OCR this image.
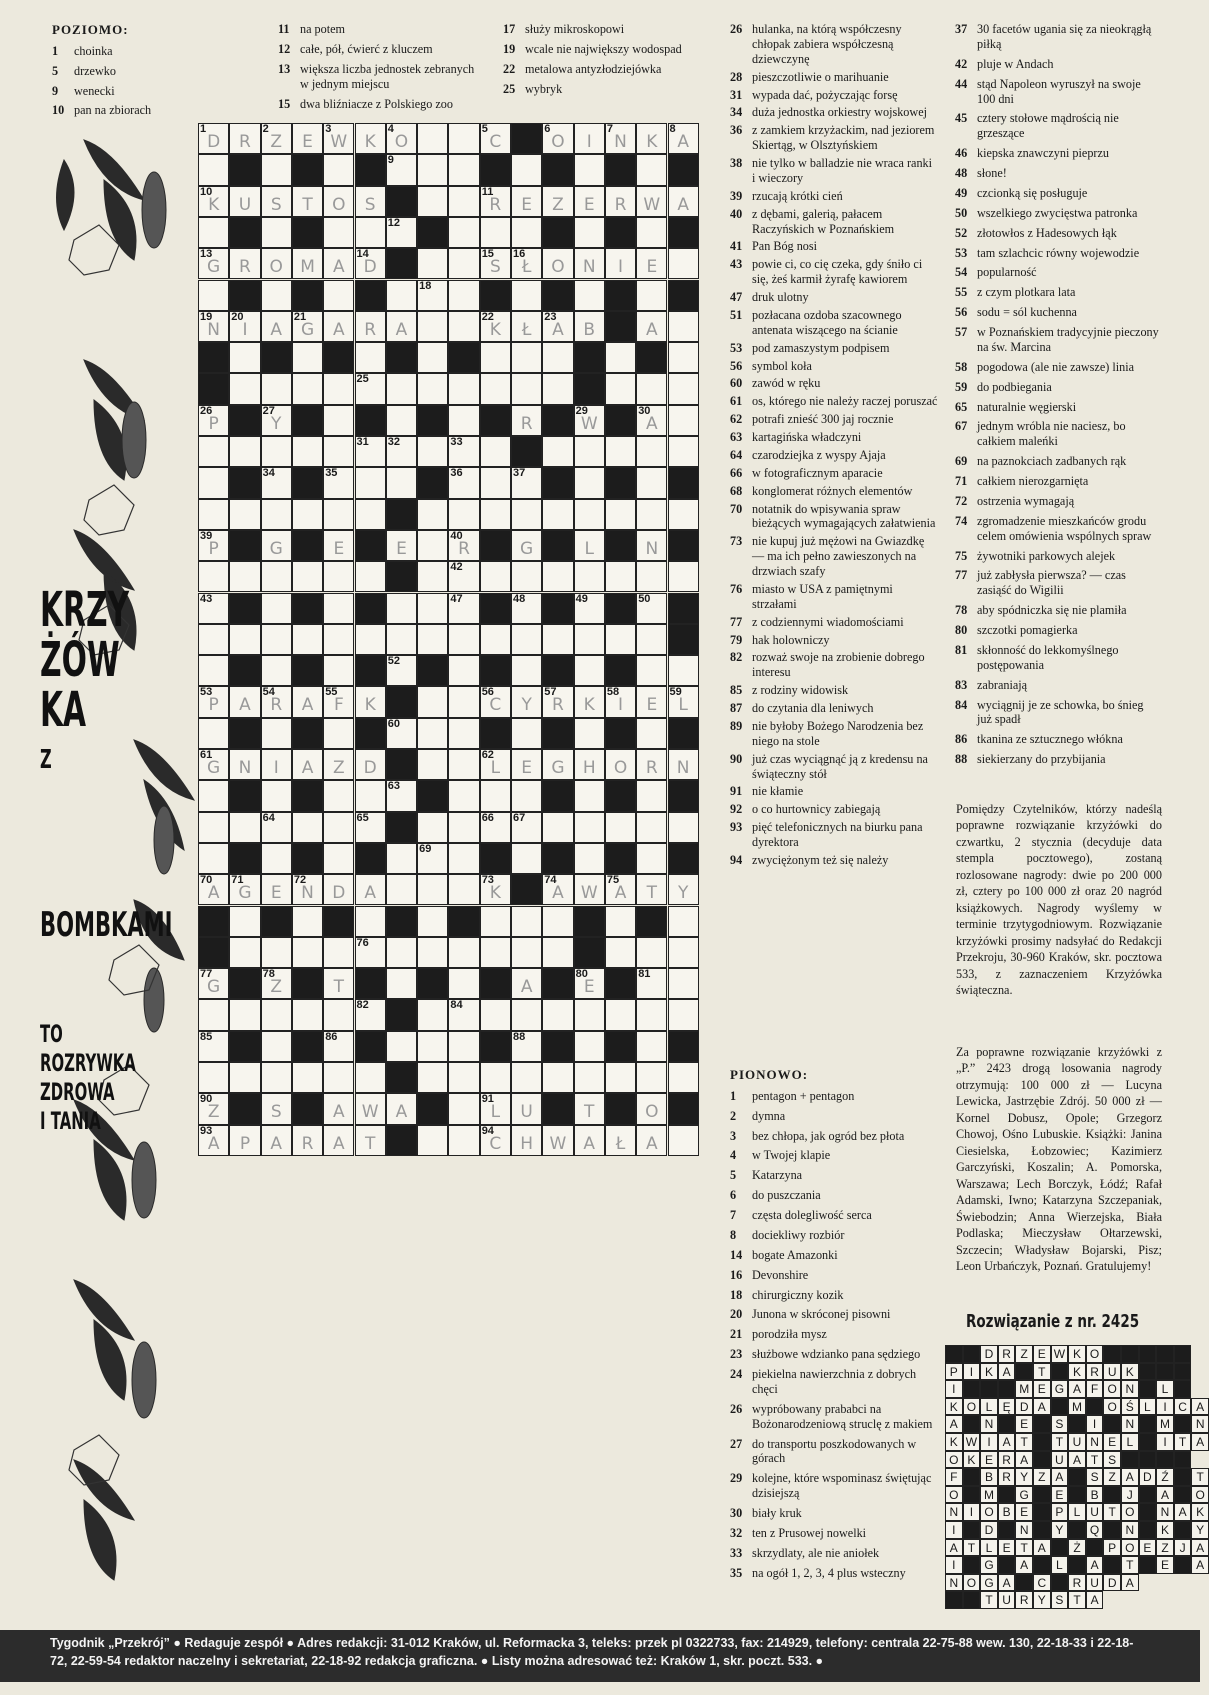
POZIOMO:
1	choinka
5	drzewko
9	wenecki
10 pan na zbiorach
11 na potem
12 całe, pół, ćwierć z kluczem
13 większa liczba jednostek zebranych w jednym miejscu
15 dwa bliźniacze z Polskiego zoo
17 służy mikroskopowi
19 wcale nie największy wodospad
22 metalowa antyzłodziejówka
25 wybryk
26 hulanka, na którą współczesny chłopak zabiera współczesną dziewczynę
28 pieszczotliwie o marihuanie
31 wypada dać, pożyczając forsę
34 duża jednostka orkiestry wojskowej
36 z zamkiem krzyżackim, nad jeziorem Skiertąg, w Olsztyńskiem
38 nie tylko w balladzie nie wraca ranki i wieczory
39 rzucają krótki cień
40 z dębami, galerią, pałacem Raczyńskich w Poznańskiem
41 Pan Bóg nosi
43 powie ci, co cię czeka, gdy śniło ci się, żeś karmił żyrafę kawiorem
47 druk ulotny
51 pozłacana ozdoba szacownego antenata wiszącego na ścianie
53 pod zamaszystym podpisem
56 symbol koła
60 zawód w ręku
61 os, którego nie należy raczej poruszać
62 potrafi znieść 300 jaj rocznie
63 kartagińska władczyni
64 czarodziejka z wyspy Ajaja
66 w fotograficznym aparacie
68 konglomerat różnych elementów
70 notatnik do wpisywania spraw bieżących wymagających załatwienia
73 nie kupuj już mężowi na Gwiazdkę — ma ich pełno zawieszonych na drzwiach szafy
76 miasto w USA z pamiętnymi strzałami
77 z codziennymi wiadomościami
79 hak holowniczy
82 rozważ swoje na zrobienie dobrego interesu
85 z rodziny widowisk
87 do czytania dla leniwych
89 nie byłoby Bożego Narodzenia bez niego na stole
90 już czas wyciągnąć ją z kredensu na świąteczny stół
91 nie kłamie
92 o co hurtownicy zabiegają
93 pięć telefonicznych na biurku pana dyrektora
94 zwyciężonym też się należy
PIONOWO:
1	pentagon + pentagon
2	dymna
3	bez chłopa, jak ogród bez płota
4	w Twojej klapie
5	Katarzyna
6	do puszczania
7	częsta dolegliwość serca
8	dociekliwy rozbiór
14 bogate Amazonki
16 Devonshire
18 chirurgiczny kozik
20 Junona w skróconej pisowni
21 porodziła mysz
23 służbowe wdzianko pana sędziego
24 piekielna nawierzchnia z dobrych chęci
26 wypróbowany prababci na Bożonarodzeniową struclę z makiem
27 do transportu poszkodowanych w górach
29 kolejne, które wspominasz świętując dzisiejszą
30 biały kruk
32 ten z Prusowej nowelki
33 skrzydlaty, ale nie aniołek
35 na ogół 1, 2, 3, 4 plus wsteczny
37 30 facetów ugania się za nieokrągłą piłką
42 pluje w Andach
44 stąd Napoleon wyruszył na swoje 100 dni
45 cztery stołowe mądrością nie grzeszące
46 kiepska znawczyni pieprzu
48 słone!
49 czcionką się posługuje
50 wszelkiego zwycięstwa patronka
52 złotowłos z Hadesowych łąk
53 tam szlachcic równy wojewodzie
54 popularność
55 z czym plotkara lata
56 sodu = sól kuchenna
57 w Poznańskiem tradycyjnie pieczony na św. Marcina
58 pogodowa (ale nie zawsze) linia
59 do podbiegania
65 naturalnie węgierski
67 jednym wróbla nie naciesz, bo całkiem maleńki
69 na paznokciach zadbanych rąk
71 całkiem nierozgarnięta
72 ostrzenia wymagają
74 zgromadzenie mieszkańców grodu celem omówienia wspólnych spraw
75 żywotniki parkowych alejek
77 już zabłysła pierwsza? — czas zasiąść do Wigilii
78 aby spódniczka się nie plamiła
80 szczotki pomagierka
81 skłonność do lekkomyślnego postępowania
83 zabraniają
84 wyciągnij je ze schowka, bo śnieg już spadł
86 tkanina ze sztucznego włókna
88 siekierzany do przybijania
Pomiędzy Czytelników, którzy nadeślą poprawne rozwiązanie krzyżówki do czwartku, 2 stycznia (decyduje data stempla pocztowego), zostaną rozlosowane nagrody: dwie po 200 000 zł, cztery po 100 000 zł oraz 20 nagród książkowych. Nagrody wyślemy w terminie trzytygodniowym. Rozwiązanie krzyżówki prosimy nadsyłać do Redakcji Przekroju, 30-960 Kraków, skr. pocztowa 533, z zaznaczeniem Krzyżówka świąteczna.
Za poprawne rozwiązanie krzyżówki z „P.” 2423 drogą losowania nagrody otrzymują: 100 000 zł — Lucyna Lewicka, Jastrzębie Zdrój. 50 000 zł — Kornel Dobusz, Opole; Grzegorz Chowoj, Ośno Lubuskie. Książki: Janina Ciesielska, Łobzowiec; Kazimierz Garczyński, Koszalin; A. Pomorska, Warszawa; Lech Borczyk, Łódź; Rafał Adamski, Iwno; Katarzyna Szczepaniak, Świebodzin; Anna Wierzejska, Biała Podlaska; Mieczysław Ołtarzewski, Szczecin; Władysław Bojarski, Pisz; Leon Urbańczyk, Poznań. Gratulujemy!
KRZY
ŻÓW
KA
Z
BOMBKAMI
TO
ROZRYWKA
ZDROWA
I TANIA
1
D	R
2
Z	E
3
W	K
4
O
5
C
6
O	I
7
N	K
8
A
9
10
K	U	S	T	O	S
11
R	E	Z	E	R W	A
12
13
G	R	O	M	A
14
D
15
S
16
Ł	O	N	I	E
18
19
N
20
I	A
21
G	A	R	A
22
K	Ł
23
A	B	A
25
26
P
27
Y	R
29
W
30
A
31 32	33
34	35	36	37
39
P	G	E	E
40
R	G	L	N
42
43	47	48	49	50
52
53
P	A
54
R	A
55
F	K
56
C	Y
57
R	K
58
I	E
59
L
60
61
G	N	I	A	Z	D
62
L	E	G	H	O	R	N
63
64	65	66 67
69
70
A
71
G	E
72
N	D	A
73
K
74
A	W
75
A	T	Y
76
77
G
78
Z	T	A
80
E
81
82	84
85	86	88
90
Z	S	A	W	A
91
L	U	T	O
93
A	P	A	R	A	T
94
C	H W	A	Ł	A
Rozwiązanie z nr. 2425
D R Z E W K O
P I K A	T	K R U K
I	M E G A F O N	L
K O L Ę D A	M	O Ś L	I C A
A	N	E	S	I	N	M	N
K W I A T	T U N E L	I	T A
O K E R A	U A T S
F	B R Y Z A	S Z A D Ź	T
O	M	G	E	B	J	A	O
N I O B E	P L U T O	N A K
I	D	N	Y	Q	N	K	Y
A T L E T A	Ż	P O E Z J A
I	G	A	L	A	T	E	A
N O G A	C	R U D A
T U R Y S T A
Tygodnik „Przekrój” ● Redaguje zespół ● Adres redakcji: 31-012 Kraków, ul. Reformacka 3, teleks: przek pl 0322733, fax: 214929, telefony: centrala 22-75-88 wew. 130, 22-18-33 i 22-18-72, 22-59-54 redaktor naczelny i sekretariat, 22-18-92 redakcja graficzna. ● Listy można adresować też: Kraków 1, skr. poczt. 533. ●
